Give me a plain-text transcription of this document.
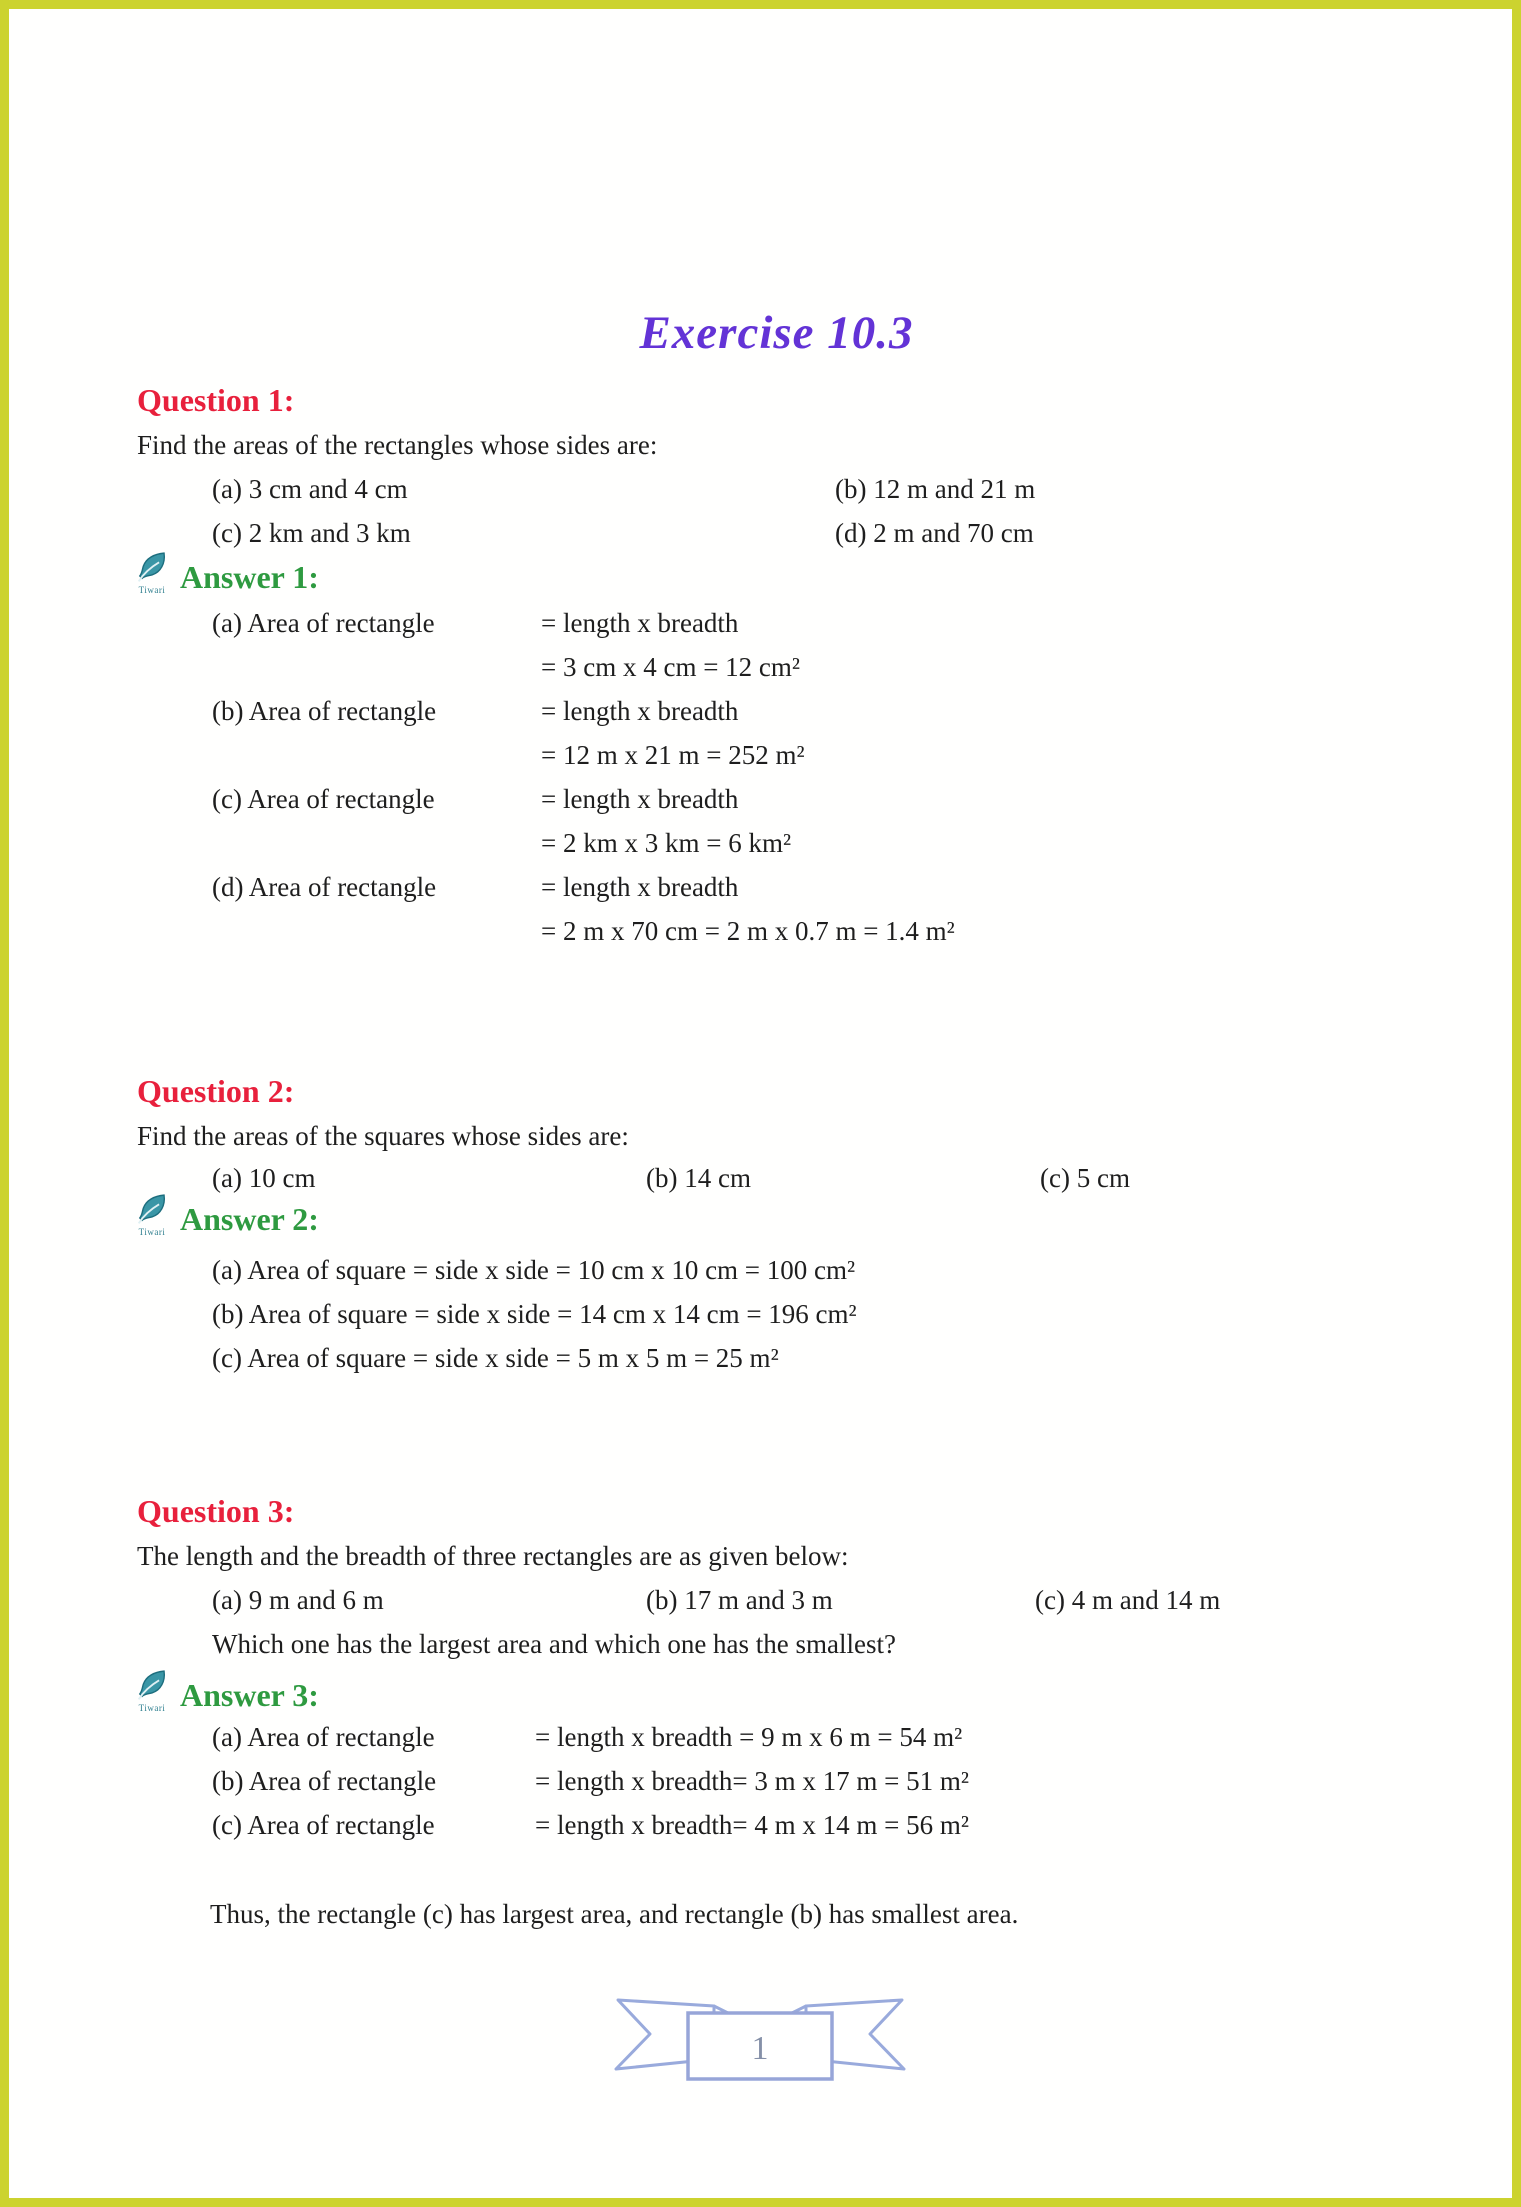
Exercise 10.3
Question 1:
Find the areas of the rectangles whose sides are:
(a) 3 cm and 4 cm	(b) 12 m and 21 m
(c) 2 km and 3 km	(d) 2 m and 70 cm
Tiwari Answer 1:
(a) Area of rectangle	= length x breadth
= 3 cm x 4 cm = 12 cm²
(b) Area of rectangle	= length x breadth
= 12 m x 21 m = 252 m²
(c) Area of rectangle	= length x breadth
= 2 km x 3 km = 6 km²
(d) Area of rectangle	= length x breadth
= 2 m x 70 cm = 2 m x 0.7 m = 1.4 m²
Question 2:
Find the areas of the squares whose sides are:
(a) 10 cm	(b) 14 cm	(c) 5 cm
Tiwari Answer 2:
(a) Area of square = side x side = 10 cm x 10 cm = 100 cm²
(b) Area of square = side x side = 14 cm x 14 cm = 196 cm²
(c) Area of square = side x side = 5 m x 5 m = 25 m²
Question 3:
The length and the breadth of three rectangles are as given below:
(a) 9 m and 6 m	(b) 17 m and 3 m	(c) 4 m and 14 m
Which one has the largest area and which one has the smallest?
Tiwari Answer 3:
(a) Area of rectangle	= length x breadth = 9 m x 6 m = 54 m²
(b) Area of rectangle	= length x breadth= 3 m x 17 m = 51 m²
(c) Area of rectangle	= length x breadth= 4 m x 14 m = 56 m²
Thus, the rectangle (c) has largest area, and rectangle (b) has smallest area.
1
